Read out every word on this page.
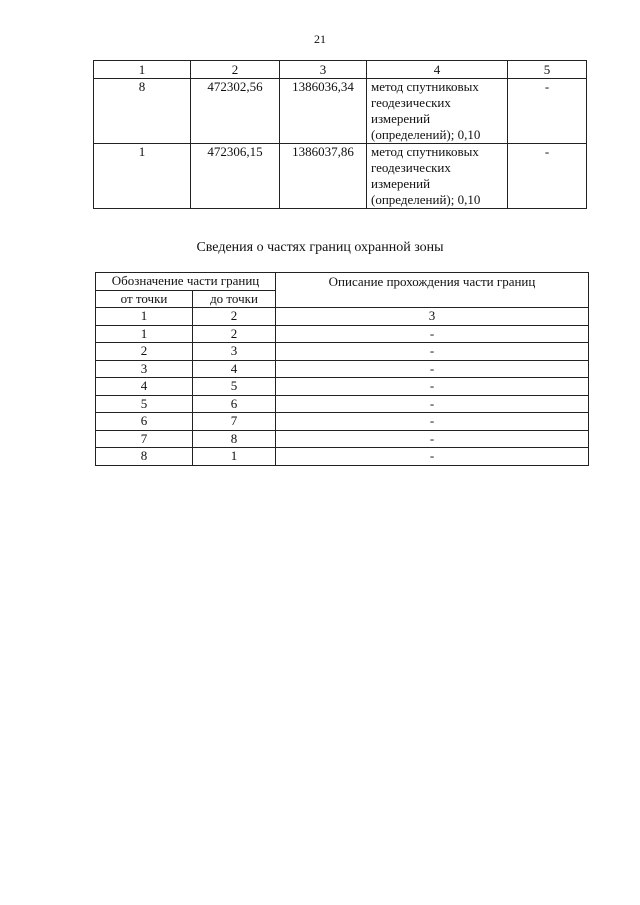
21
1	2	3	4	5
8	472302,56	1386036,34	метод спутниковых
геодезических
измерений
(определений); 0,10	-
1	472306,15	1386037,86	метод спутниковых
геодезических
измерений
(определений); 0,10	-
Сведения о частях границ охранной зоны
Обозначение части границ		Описание прохождения части границ
от точки	до точки	
1	2	3
1	2	-
2	3	-
3	4	-
4	5	-
5	6	-
6	7	-
7	8	-
8	1	-
